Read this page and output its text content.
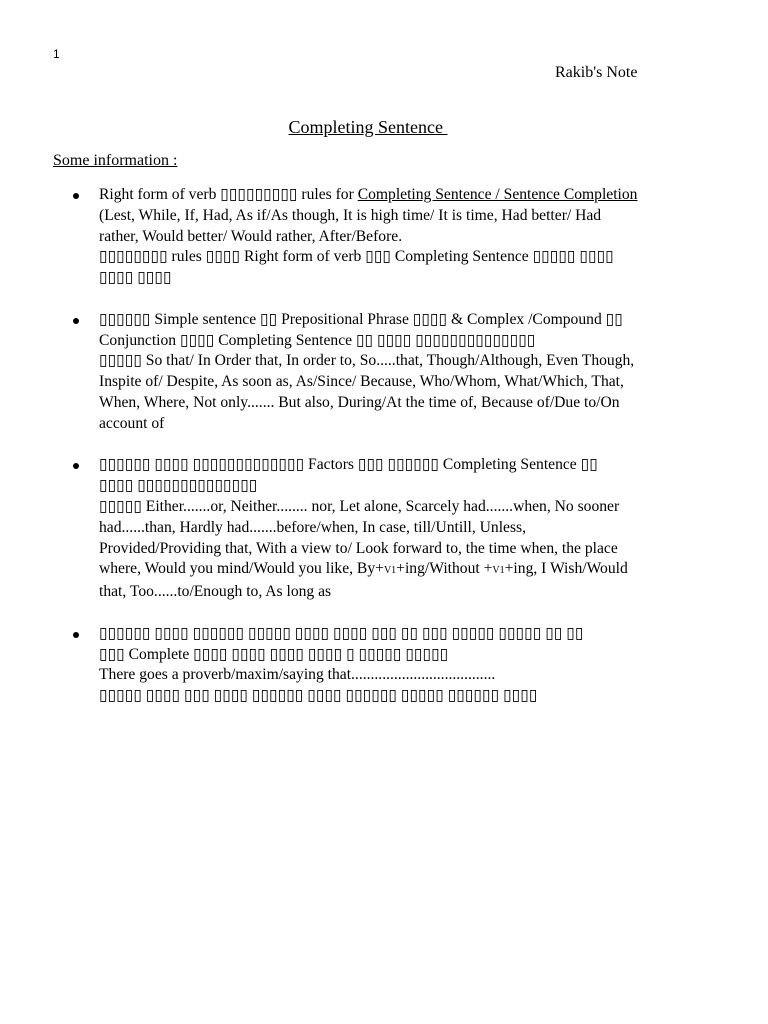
1
Rakib's Note
Completing Sentence
Some information :
Right form of verb ▯▯▯▯▯▯▯▯▯ rules for Completing Sentence / Sentence Completion
(Lest, While, If, Had, As if/As though, It is high time/ It is time, Had better/ Had
rather, Would better/ Would rather, After/Before.
▯▯▯▯▯▯▯▯ rules ▯▯▯▯ Right form of verb ▯▯▯ Completing Sentence ▯▯▯▯▯ ▯▯▯▯
▯▯▯▯ ▯▯▯▯
▯▯▯▯▯▯ Simple sentence ▯▯ Prepositional Phrase ▯▯▯▯ & Complex /Compound ▯▯
Conjunction ▯▯▯▯ Completing Sentence ▯▯ ▯▯▯▯ ▯▯▯▯▯▯▯▯▯▯▯▯▯▯
▯▯▯▯▯ So that/ In Order that, In order to, So.....that, Though/Although, Even Though,
Inspite of/ Despite, As soon as, As/Since/ Because, Who/Whom, What/Which, That,
When, Where, Not only....... But also, During/At the time of, Because of/Due to/On
account of
▯▯▯▯▯▯ ▯▯▯▯ ▯▯▯▯▯▯▯▯▯▯▯▯▯ Factors ▯▯▯ ▯▯▯▯▯▯ Completing Sentence ▯▯
▯▯▯▯ ▯▯▯▯▯▯▯▯▯▯▯▯▯▯
▯▯▯▯▯ Either.......or, Neither........ nor, Let alone, Scarcely had.......when, No sooner
had......than, Hardly had.......before/when, In case, till/Untill, Unless,
Provided/Providing that, With a view to/ Look forward to, the time when, the place
where, Would you mind/Would you like, By+V1+ing/Without +V1+ing, I Wish/Would
that, Too......to/Enough to, As long as
▯▯▯▯▯▯ ▯▯▯▯ ▯▯▯▯▯▯ ▯▯▯▯▯ ▯▯▯▯ ▯▯▯▯ ▯▯▯ ▯▯ ▯▯▯ ▯▯▯▯▯ ▯▯▯▯▯ ▯▯ ▯▯
▯▯▯ Complete ▯▯▯▯ ▯▯▯▯ ▯▯▯▯ ▯▯▯▯ ▯ ▯▯▯▯▯ ▯▯▯▯▯
There goes a proverb/maxim/saying that.....................................
▯▯▯▯▯ ▯▯▯▯ ▯▯▯ ▯▯▯▯ ▯▯▯▯▯▯ ▯▯▯▯ ▯▯▯▯▯▯ ▯▯▯▯▯ ▯▯▯▯▯▯ ▯▯▯▯
